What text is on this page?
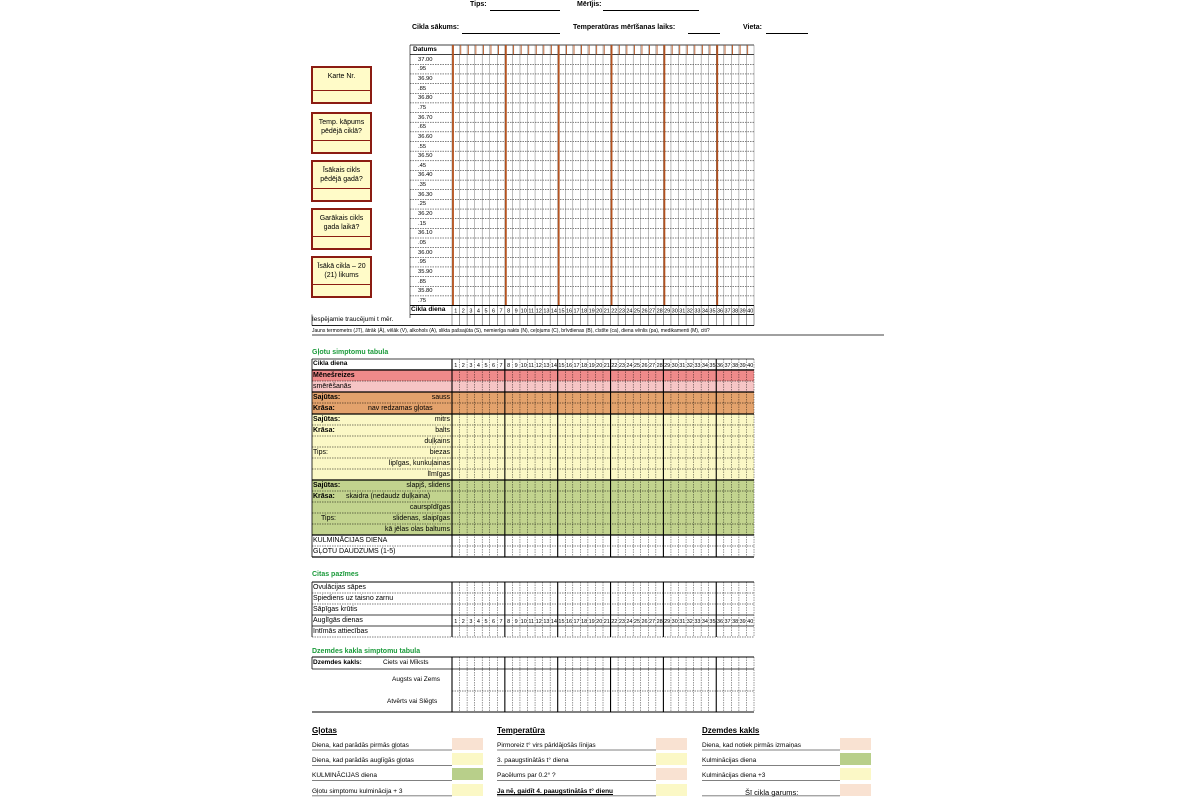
Tips:	Mērījis:
Cikla sākums:	Temperatūras mērīšanas laiks:	Vieta:
Karte Nr.
Temp. kāpums pēdējā ciklā?
Īsākais cikls pēdējā gadā?
Garākais cikls gada laikā?
Īsākā cikla – 20 (21) likums
1 2 3 4 5 6 7 8 9 10 11 12 13 14 15 16 17 18 19 20 21 22 23 24 25 26 27 28 29 30 31 32 33 34 35 36 37 38 39 40
1 2 3 4 5 6 7 8 9 10 11 12 13 14 15 16 17 18 19 20 21 22 23 24 25 26 27 28 29 30 31 32 33 34 35 36 37 38 39 40
1 2 3 4 5 6 7 8 9 10 11 12 13 14 15 16 17 18 19 20 21 22 23 24 25 26 27 28 29 30 31 32 33 34 35 36 37 38 39 40
Datums
37.00
.95
36.90
.85
36.80
.75
36.70
.65
36.60
.55
36.50
.45
36.40
.35
36.30
.25
36.20
.15
36.10
.05
36.00
.95
35.90
.85
35.80
.75
Cikla diena
Iespējamie traucējumi t mēr.
Jauns termometrs (JT), ātrāk (Ā), vēlāk (V), alkohols (A), slikta pašsajūta (S), nemierīga nakts (N), ceļojums (C), brīvdienas (B), cīstīte (ca), diena vēnlis (pa), medikamenti (M), citi?
Gļotu simptomu tabula
Cikla diena
Mēnešreizes
smērēšanās
Sajūtas:	sauss
Krāsa:	nav redzamas gļotas
Sajūtas:	mitrs
Krāsa:	balts
duļķains
Tips:	biezas
lipīgas, kunkuļainas
līmīgas
Sajūtas:	slapjš, slidens
Krāsa: skaidra (nedaudz duļķaina)
caurspīdīgas
Tips:	slidenas, slaipīgas
kā jēlas olas baltums
KULMINĀCIJAS DIENA
GĻOTU DAUDZUMS (1-5)
Citas pazīmes
Ovulācijas sāpes
Spiediens uz taisno zarnu
Sāpīgas krūtis
Auglīgās dienas
Intīmās attiecības
Dzemdes kakla simptomu tabula
Dzemdes kakls:	Ciets vai Mīksts
Augsts vai Zems
Atvērts vai Slēgts
Gļotas
Diena, kad parādās pirmās gļotas
Diena, kad parādās auglīgās gļotas
KULMINĀCIJAS diena
Gļotu simptomu kulminācija + 3
Temperatūra
Pirmoreiz t° virs pārklājošās līnijas
3. paaugstinātās t° diena
Pacēlums par 0.2° ?
Ja nē, gaidīt 4. paaugstinātās t° dienu
Dzemdes kakls
Diena, kad notiek pirmās izmaiņas
Kulminācijas diena
Kulminācijas diena +3
Šī cikla garums:
